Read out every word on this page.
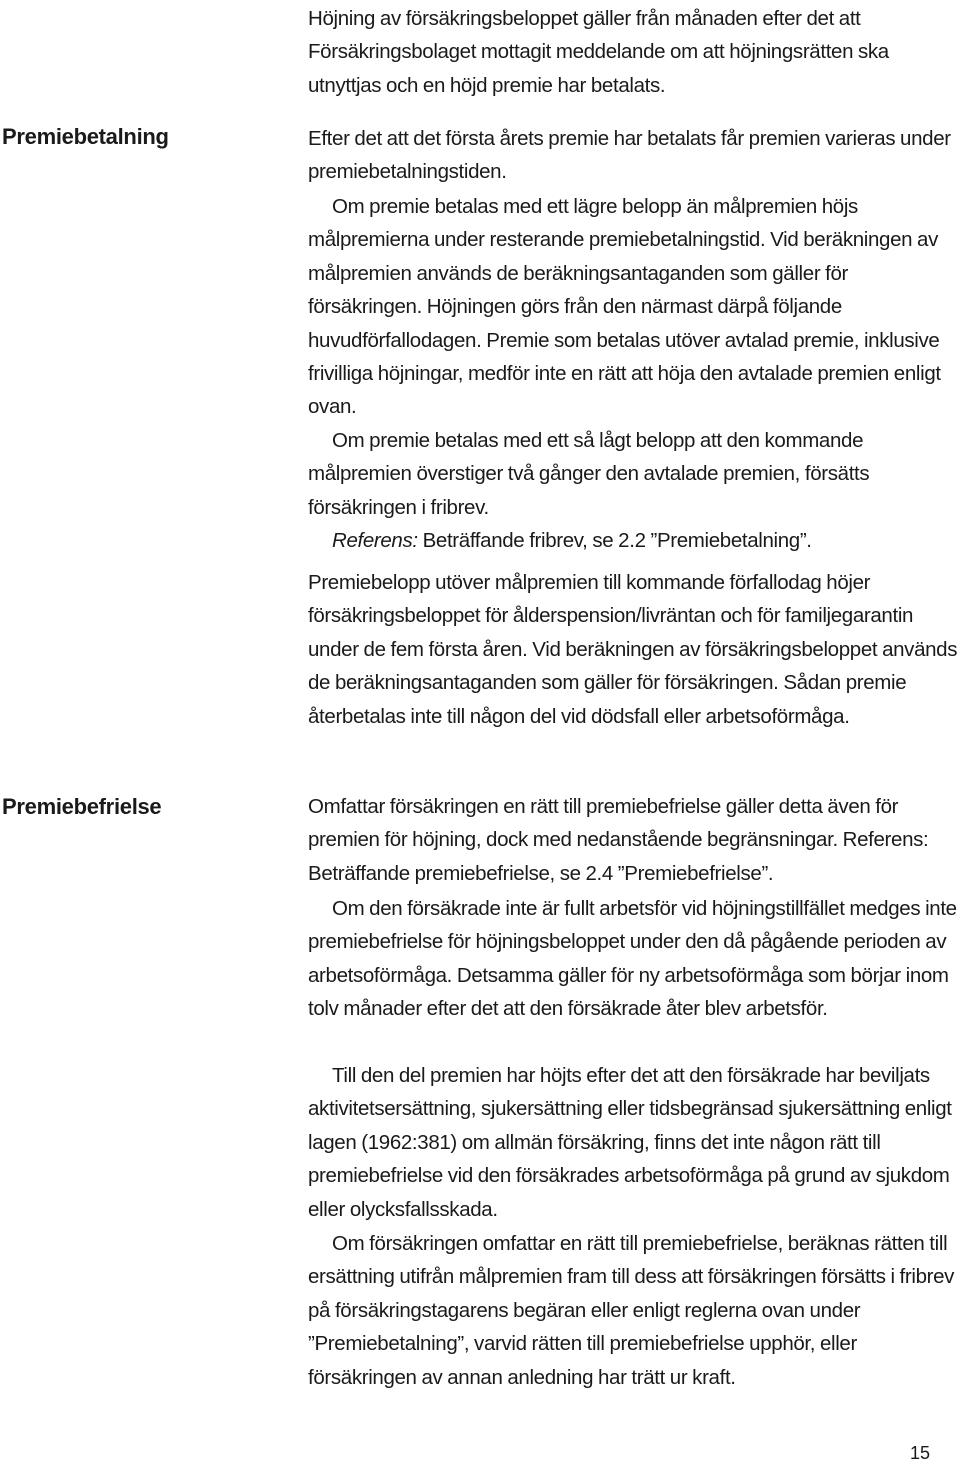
Höjning av försäkringsbeloppet gäller från månaden efter det att Försäkringsbolaget mottagit meddelande om att höjningsrätten ska utnyttjas och en höjd premie har betalats.

Premiebetalning	Efter det att det första årets premie har betalats får premien varieras under premiebetalningstiden.

Om premie betalas med ett lägre belopp än målpremien höjs målpremierna under resterande premiebetalningstid. Vid beräkningen av målpremien används de beräkningsantaganden som gäller för försäkringen. Höjningen görs från den närmast därpå följande huvudförfallodagen. Premie som betalas utöver avtalad premie, inklusive frivilliga höjningar, medför inte en rätt att höja den avtalade premien enligt ovan.

Om premie betalas med ett så lågt belopp att den kommande målpremien överstiger två gånger den avtalade premien, försätts försäkringen i fribrev.

Referens: Beträffande fribrev, se 2.2 ”Premiebetalning”.

Premiebelopp utöver målpremien till kommande förfallodag höjer försäkringsbeloppet för ålderspension/livräntan och för familjegarantin under de fem första åren. Vid beräkningen av försäkringsbeloppet används de beräkningsantaganden som gäller för försäkringen. Sådan premie återbetalas inte till någon del vid dödsfall eller arbetsoförmåga.

Premiebefrielse	Omfattar försäkringen en rätt till premiebefrielse gäller detta även för premien för höjning, dock med nedanstående begränsningar. Referens: Beträffande premiebefrielse, se 2.4 ”Premiebefrielse”.

Om den försäkrade inte är fullt arbetsför vid höjningstillfället medges inte premiebefrielse för höjningsbeloppet under den då pågående perioden av arbetsoförmåga. Detsamma gäller för ny arbetsoförmåga som börjar inom tolv månader efter det att den försäkrade åter blev arbetsför.

Till den del premien har höjts efter det att den försäkrade har beviljats aktivitetsersättning, sjukersättning eller tidsbegränsad sjukersättning enligt lagen (1962:381) om allmän försäkring, finns det inte någon rätt till premiebefrielse vid den försäkrades arbetsoförmåga på grund av sjukdom eller olycksfallsskada.

Om försäkringen omfattar en rätt till premiebefrielse, beräknas rätten till ersättning utifrån målpremien fram till dess att försäkringen försätts i fribrev på försäkringstagarens begäran eller enligt reglerna ovan under ”Premiebetalning”, varvid rätten till premiebefrielse upphör, eller försäkringen av annan anledning har trätt ur kraft.

15
